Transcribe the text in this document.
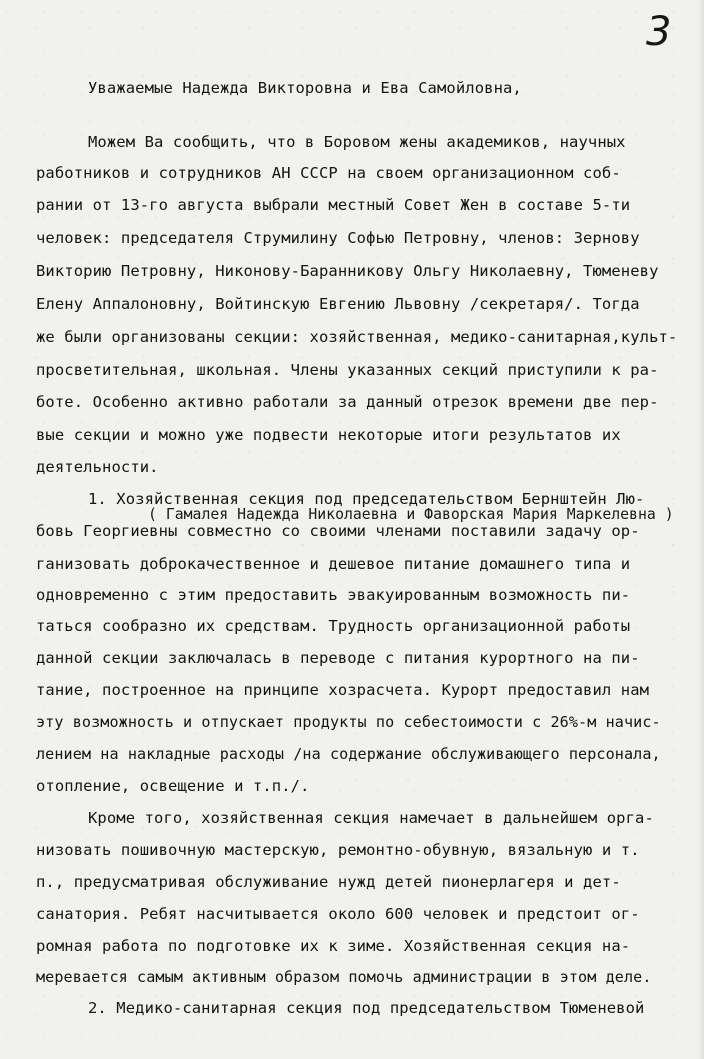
3

Уважаемые Надежда Викторовна и Ева Самойловна,

Можем Ва сообщить, что в Боровом жены академиков, научных

работников и сотрудников АН СССР на своем организационном соб-

рании от 13-го августа выбрали местный Совет Жен в составе 5-ти

человек: председателя Струмилину Софью Петровну, членов: Зернову

Викторию Петровну, Никонову-Баранникову Ольгу Николаевну, Тюменеву

Елену Аппалоновну, Войтинскую Евгению Львовну /секретаря/. Тогда

же были организованы секции: хозяйственная, медико-санитарная,культ-

просветительная, школьная. Члены указанных секций приступили к ра-

боте. Особенно активно работали за данный отрезок времени две пер-

вые секции и можно уже подвести некоторые итоги результатов их

деятельности.

1. Хозяйственная секция под председательством Бернштейн Лю-

бовь Георгиевны совместно со своими членами поставили задачу ор-

( Гамалея Надежда Николаевна и Фаворская Мария Маркелевна )

ганизовать доброкачественное и дешевое питание домашнего типа и

одновременно с этим предоставить эвакуированным возможность пи-

таться сообразно их средствам. Трудность организационной работы

данной секции заключалась в переводе с питания курортного на пи-

тание, построенное на принципе хозрасчета. Курорт предоставил нам

эту возможность и отпускает продукты по себестоимости с 26%-м начис-

лением на накладные расходы /на содержание обслуживающего персонала,

отопление, освещение и т.п./.

Кроме того, хозяйственная секция намечает в дальнейшем орга-

низовать пошивочную мастерскую, ремонтно-обувную, вязальную и т.

п., предусматривая обслуживание нужд детей пионерлагеря и дет-

санатория. Ребят насчитывается около 600 человек и предстоит ог-

ромная работа по подготовке их к зиме. Хозяйственная секция на-

меревается самым активным образом помочь администрации в этом деле.

2. Медико-санитарная секция под председательством Тюменевой
